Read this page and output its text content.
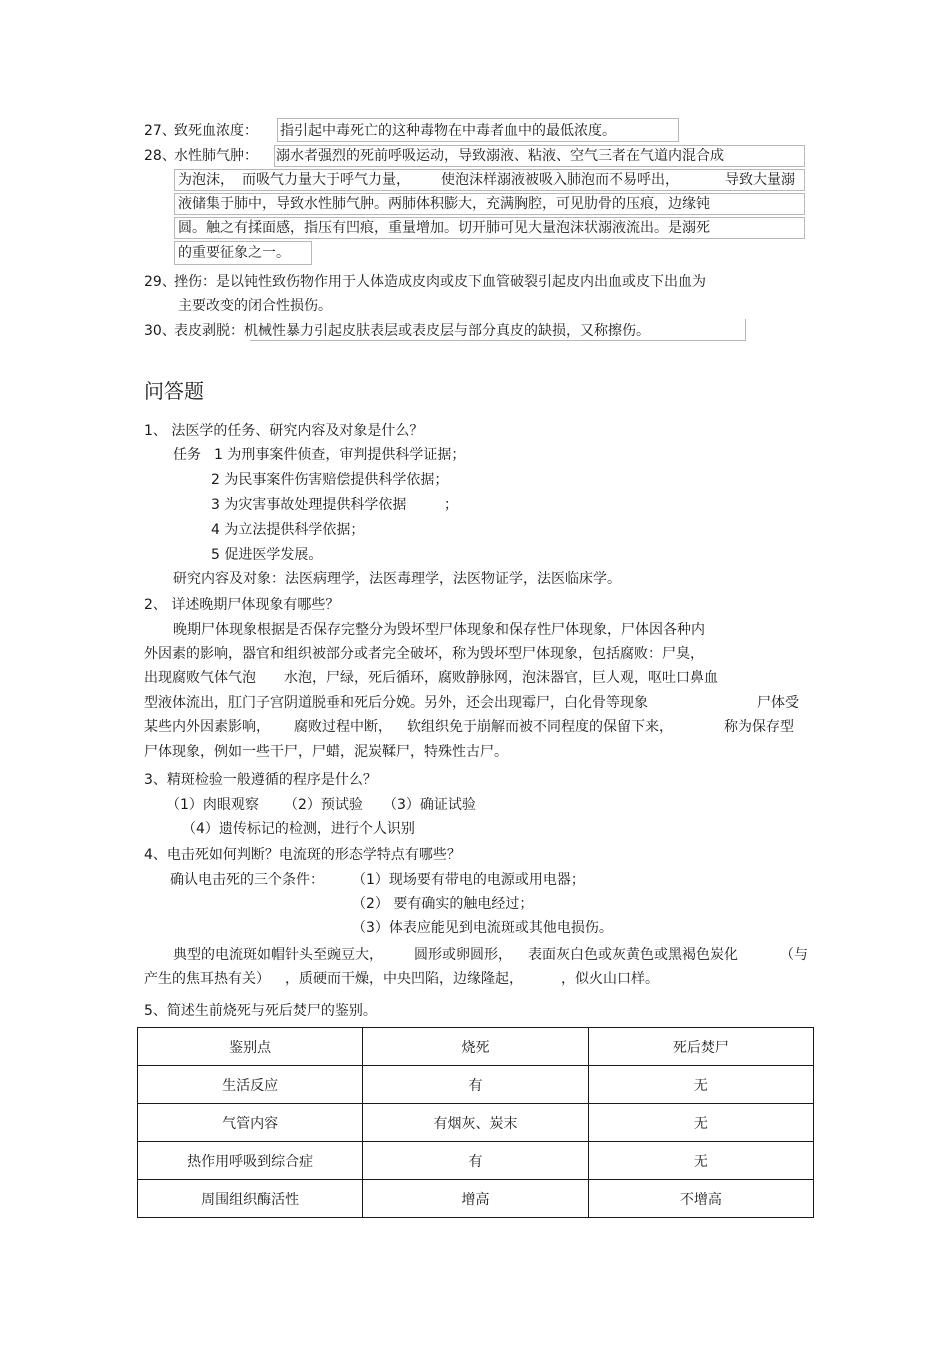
27、
致死血浓度： 指引起中毒死亡的这种毒物在中毒者血中的最低浓度。
28、
水性肺气肿： 溺水者强烈的死前呼吸运动，导致溺液、粘液、空气三者在气道内混合成
为泡沫， 而吸气力量大于呼气力量， 使泡沫样溺液被吸入肺泡而不易呼出，	导致大量溺
液储集于肺中，导致水性肺气肿。两肺体积膨大，充满胸腔，可见肋骨的压痕，边缘钝
圆。触之有揉面感，指压有凹痕，重量增加。切开肺可见大量泡沫状溺液流出。是溺死
的重要征象之一。
29、
挫伤：是以钝性致伤物作用于人体造成皮肉或皮下血管破裂引起皮内出血或皮下出血为
主要改变的闭合性损伤。
30、
表皮剥脱：机械性暴力引起皮肤表层或表皮层与部分真皮的缺损，又称擦伤。
问答题
1、 法医学的任务、研究内容及对象是什么？
任务 1 为刑事案件侦查，审判提供科学证据；
2 为民事案件伤害赔偿提供科学依据；
3 为灾害事故处理提供科学依据	；
4 为立法提供科学依据；
5 促进医学发展。
研究内容及对象：法医病理学，法医毒理学，法医物证学，法医临床学。
2、 详述晚期尸体现象有哪些？
晚期尸体现象根据是否保存完整分为毁坏型尸体现象和保存性尸体现象，尸体因各种内
外因素的影响，器官和组织被部分或者完全破坏，称为毁坏型尸体现象，包括腐败：尸臭，
出现腐败气体气泡 水泡，尸绿，死后循环，腐败静脉网，泡沫器官，巨人观，呕吐口鼻血
型液体流出，肛门子宫阴道脱垂和死后分娩。另外，还会出现霉尸，白化骨等现象	尸体受
某些内外因素影响， 腐败过程中断， 软组织免于崩解而被不同程度的保留下来，	称为保存型
尸体现象，例如一些干尸，尸蜡，泥炭鞣尸，特殊性古尸。
3、精斑检验一般遵循的程序是什么？
（1）肉眼观察 （2）预试验 （3）确证试验
（4）遗传标记的检测，进行个人识别
4、电击死如何判断？电流斑的形态学特点有哪些？
确认电击死的三个条件： （1）现场要有带电的电源或用电器；
（2） 要有确实的触电经过；
（3）体表应能见到电流斑或其他电损伤。
典型的电流斑如帽针头至豌豆大， 圆形或卵圆形， 表面灰白色或灰黄色或黑褐色炭化	（与
产生的焦耳热有关） ，质硬而干燥，中央凹陷，边缘隆起，	，似火山口样。
5、简述生前烧死与死后焚尸的鉴别。
鉴别点	烧死	死后焚尸
生活反应	有	无
气管内容	有烟灰、炭末	无
热作用呼吸到综合症	有	无
周围组织酶活性	增高	不增高
